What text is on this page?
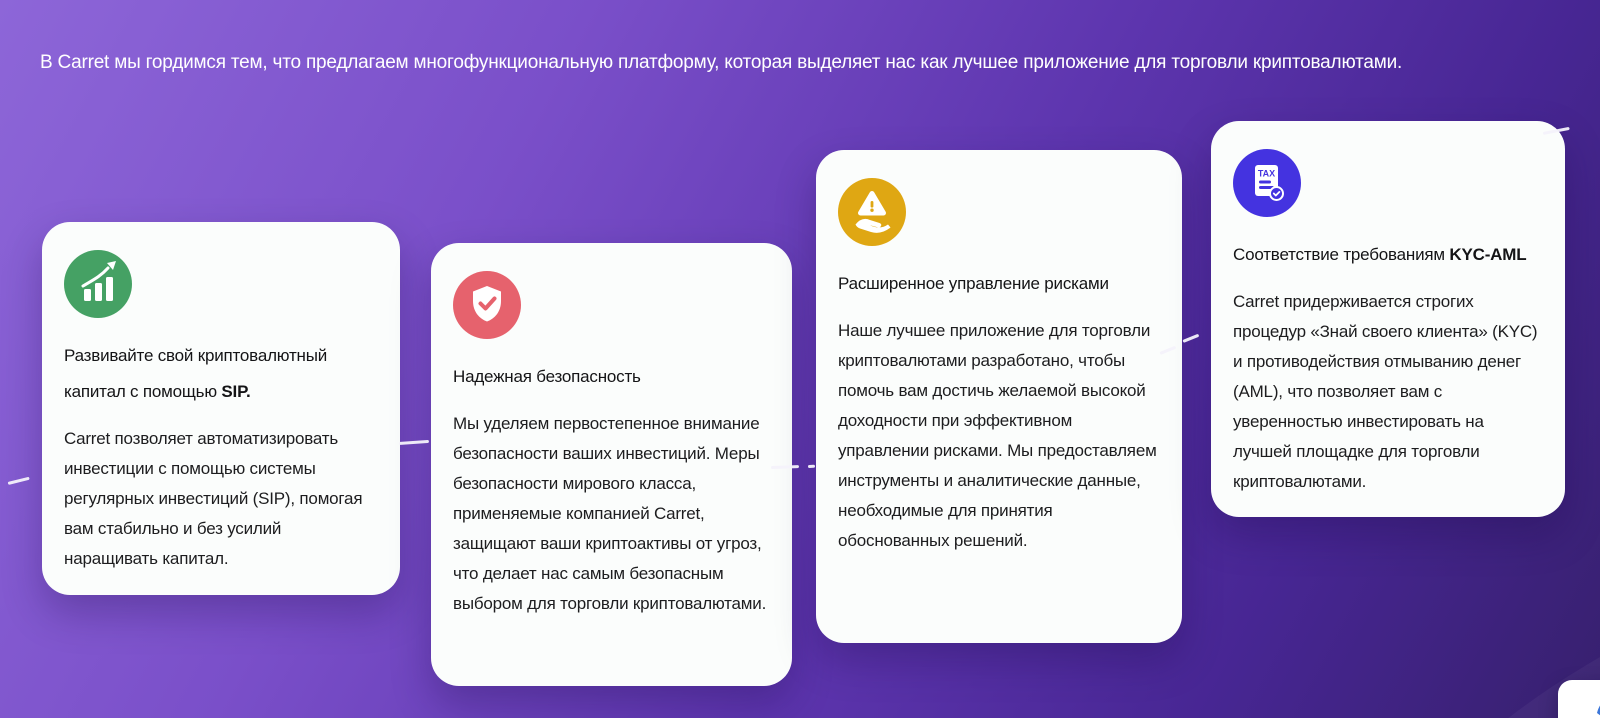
В Carret мы гордимся тем, что предлагаем многофункциональную платформу, которая выделяет нас как лучшее приложение для торговли криптовалютами.

Развивайте свой криптовалютный капитал с помощью SIP.

Carret позволяет автоматизировать инвестиции с помощью системы регулярных инвестиций (SIP), помогая вам стабильно и без усилий наращивать капитал.

Надежная безопасность

Мы уделяем первостепенное внимание безопасности ваших инвестиций. Меры безопасности мирового класса, применяемые компанией Carret, защищают ваши криптоактивы от угроз, что делает нас самым безопасным выбором для торговли криптовалютами.

Расширенное управление рисками

Наше лучшее приложение для торговли криптовалютами разработано, чтобы помочь вам достичь желаемой высокой доходности при эффективном управлении рисками. Мы предоставляем инструменты и аналитические данные, необходимые для принятия обоснованных решений.

TAX
Соответствие требованиям KYC-AML

Carret придерживается строгих процедур «Знай своего клиента» (KYC) и противодействия отмыванию денег (AML), что позволяет вам с уверенностью инвестировать на лучшей площадке для торговли криптовалютами.
